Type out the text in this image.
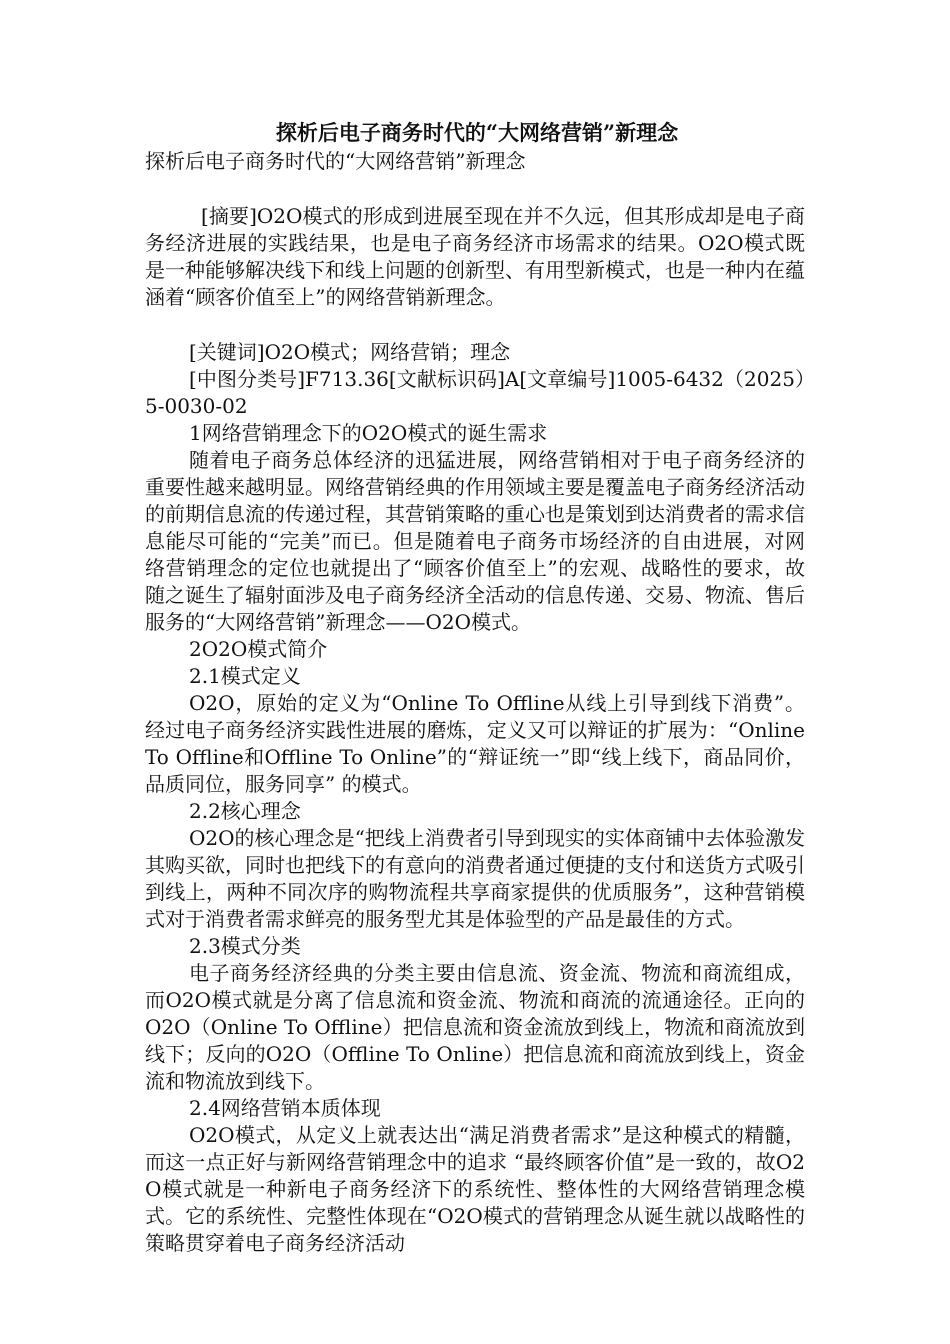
探析后电子商务时代的“大网络营销”新理念

探析后电子商务时代的“大网络营销”新理念

[摘要]O2O模式的形成到进展至现在并不久远，但其形成却是电子商务经济进展的实践结果，也是电子商务经济市场需求的结果。O2O模式既是一种能够解决线下和线上问题的创新型、有用型新模式，也是一种内在蕴涵着“顾客价值至上”的网络营销新理念。

[关键词]O2O模式；网络营销；理念

[中图分类号]F713.36[文献标识码]A[文章编号]1005-6432（2025）5-0030-02

1网络营销理念下的O2O模式的诞生需求

随着电子商务总体经济的迅猛进展，网络营销相对于电子商务经济的重要性越来越明显。网络营销经典的作用领域主要是覆盖电子商务经济活动的前期信息流的传递过程，其营销策略的重心也是策划到达消费者的需求信息能尽可能的“完美”而已。但是随着电子商务市场经济的自由进展，对网络营销理念的定位也就提出了“顾客价值至上”的宏观、战略性的要求，故随之诞生了辐射面涉及电子商务经济全活动的信息传递、交易、物流、售后服务的“大网络营销”新理念——O2O模式。

2O2O模式简介

2.1模式定义

O2O，原始的定义为“Online To Offline从线上引导到线下消费”。经过电子商务经济实践性进展的磨炼，定义又可以辩证的扩展为：“Online To Offline和Offline To Online”的“辩证统一”即“线上线下，商品同价，品质同位，服务同享” 的模式。

2.2核心理念

O2O的核心理念是“把线上消费者引导到现实的实体商铺中去体验激发其购买欲，同时也把线下的有意向的消费者通过便捷的支付和送货方式吸引到线上，两种不同次序的购物流程共享商家提供的优质服务”，这种营销模式对于消费者需求鲜亮的服务型尤其是体验型的产品是最佳的方式。

2.3模式分类

电子商务经济经典的分类主要由信息流、资金流、物流和商流组成，而O2O模式就是分离了信息流和资金流、物流和商流的流通途径。正向的O2O（Online To Offline）把信息流和资金流放到线上，物流和商流放到线下；反向的O2O（Offline To Online）把信息流和商流放到线上，资金流和物流放到线下。

2.4网络营销本质体现

O2O模式，从定义上就表达出“满足消费者需求”是这种模式的精髓，而这一点正好与新网络营销理念中的追求 “最终顾客价值”是一致的，故O2O模式就是一种新电子商务经济下的系统性、整体性的大网络营销理念模式。它的系统性、完整性体现在“O2O模式的营销理念从诞生就以战略性的策略贯穿着电子商务经济活动
